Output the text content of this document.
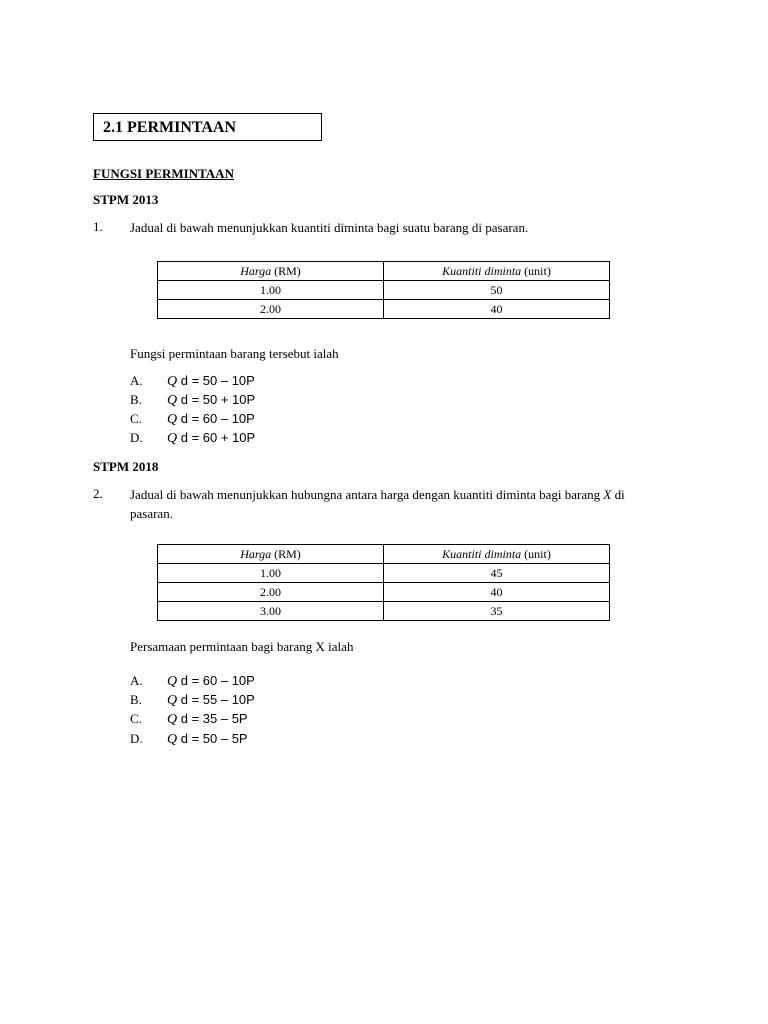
2.1 PERMINTAAN
FUNGSI PERMINTAAN
STPM 2013
1.	Jadual di bawah menunjukkan kuantiti diminta bagi suatu barang di pasaran.
Harga (RM)	Kuantiti diminta (unit)
1.00	50
2.00	40
Fungsi permintaan barang tersebut ialah
A. Q d = 50 – 10P
B. Q d = 50 + 10P
C. Q d = 60 – 10P
D. Q d = 60 + 10P
STPM 2018
2.	Jadual di bawah menunjukkan hubungna antara harga dengan kuantiti diminta bagi barang X di
pasaran.
Harga (RM)	Kuantiti diminta (unit)
1.00	45
2.00	40
3.00	35
Persamaan permintaan bagi barang X ialah
A. Q d = 60 – 10P
B. Q d = 55 – 10P
C. Q d = 35 – 5P
D. Q d = 50 – 5P
